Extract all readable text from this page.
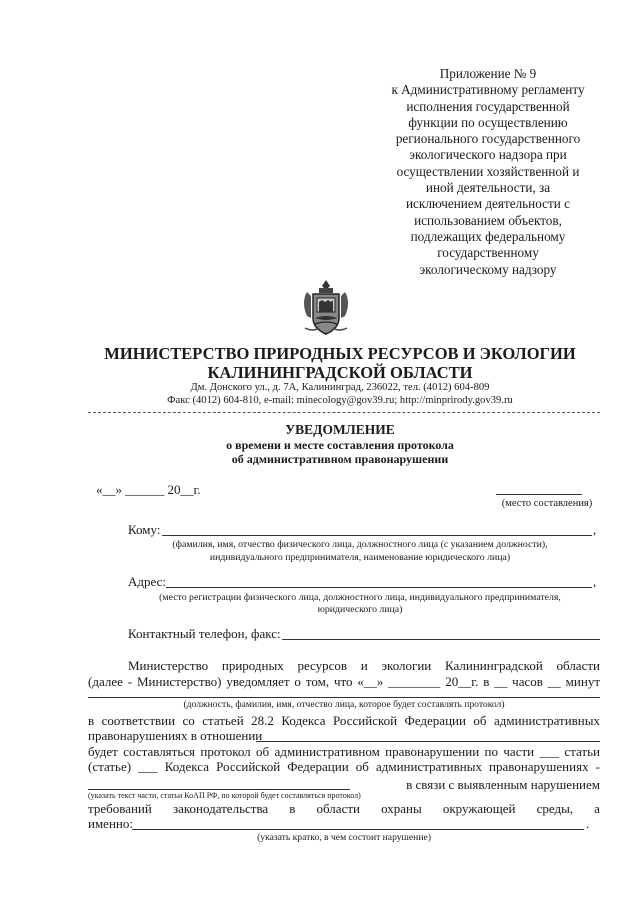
Приложение № 9
к Административному регламенту
исполнения государственной
функции по осуществлению
регионального государственного
экологического надзора при
осуществлении хозяйственной и
иной деятельности, за
исключением деятельности с
использованием объектов,
подлежащих федеральному
государственному
экологическому надзору
МИНИСТЕРСТВО ПРИРОДНЫХ РЕСУРСОВ И ЭКОЛОГИИ
КАЛИНИНГРАДСКОЙ ОБЛАСТИ
Дм. Донского ул., д. 7А, Калининград, 236022, тел. (4012) 604-809
Факс (4012) 604-810, e-mail: minecology@gov39.ru; http://minprirody.gov39.ru
УВЕДОМЛЕНИЕ
о времени и месте составления протокола
об административном правонарушении
«__» ______ 20__г.
(место составления)
Кому:	,
(фамилия, имя, отчество физического лица, должностного лица (с указанием должности),
индивидуального предпринимателя, наименование юридического лица)
Адрес:	,
(место регистрации физического лица, должностного лица, индивидуального предпринимателя,
юридического лица)
Контактный телефон, факс:
Министерство природных ресурсов и экологии Калининградской области
(далее - Министерство) уведомляет о том, что «__» ________ 20__г. в __ часов __ минут
(должность, фамилия, имя, отчество лица, которое будет составлять протокол)
в соответствии со статьей 28.2 Кодекса Российской Федерации об административных
правонарушениях в отношении
будет составляться протокол об административном правонарушении по части ___ статьи
(статье) ___ Кодекса Российской Федерации об административных правонарушениях -
в связи с выявленным нарушением
(указать текст части, статьи КоАП РФ, по которой будет составляться протокол)
требований законодательства в области охраны окружающей среды, а
именно:	.
(указать кратко, в чем состоит нарушение)
